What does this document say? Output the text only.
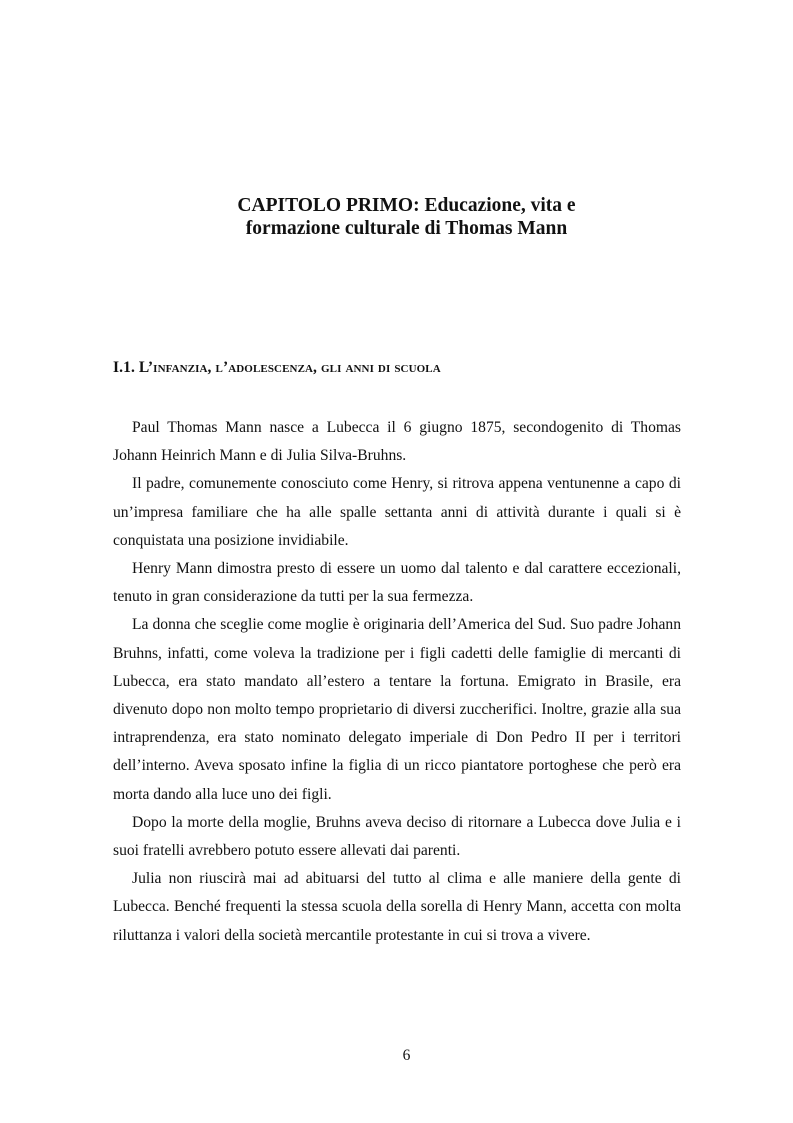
CAPITOLO PRIMO: Educazione, vita e
formazione culturale di Thomas Mann
I.1. L’infanzia, l’adolescenza, gli anni di scuola

Paul Thomas Mann nasce a Lubecca il 6 giugno 1875, secondogenito di Thomas Johann Heinrich Mann e di Julia Silva-Bruhns.

Il padre, comunemente conosciuto come Henry, si ritrova appena ventunenne a capo di un’impresa familiare che ha alle spalle settanta anni di attività durante i quali si è conquistata una posizione invidiabile.

Henry Mann dimostra presto di essere un uomo dal talento e dal carattere eccezionali, tenuto in gran considerazione da tutti per la sua fermezza.

La donna che sceglie come moglie è originaria dell’America del Sud. Suo padre Johann Bruhns, infatti, come voleva la tradizione per i figli cadetti delle famiglie di mercanti di Lubecca, era stato mandato all’estero a tentare la fortuna. Emigrato in Brasile, era divenuto dopo non molto tempo proprietario di diversi zuccherifici. Inoltre, grazie alla sua intraprendenza, era stato nominato delegato imperiale di Don Pedro II per i territori dell’interno. Aveva sposato infine la figlia di un ricco piantatore portoghese che però era morta dando alla luce uno dei figli.

Dopo la morte della moglie, Bruhns aveva deciso di ritornare a Lubecca dove Julia e i suoi fratelli avrebbero potuto essere allevati dai parenti.

Julia non riuscirà mai ad abituarsi del tutto al clima e alle maniere della gente di Lubecca. Benché frequenti la stessa scuola della sorella di Henry Mann, accetta con molta riluttanza i valori della società mercantile protestante in cui si trova a vivere.

6
